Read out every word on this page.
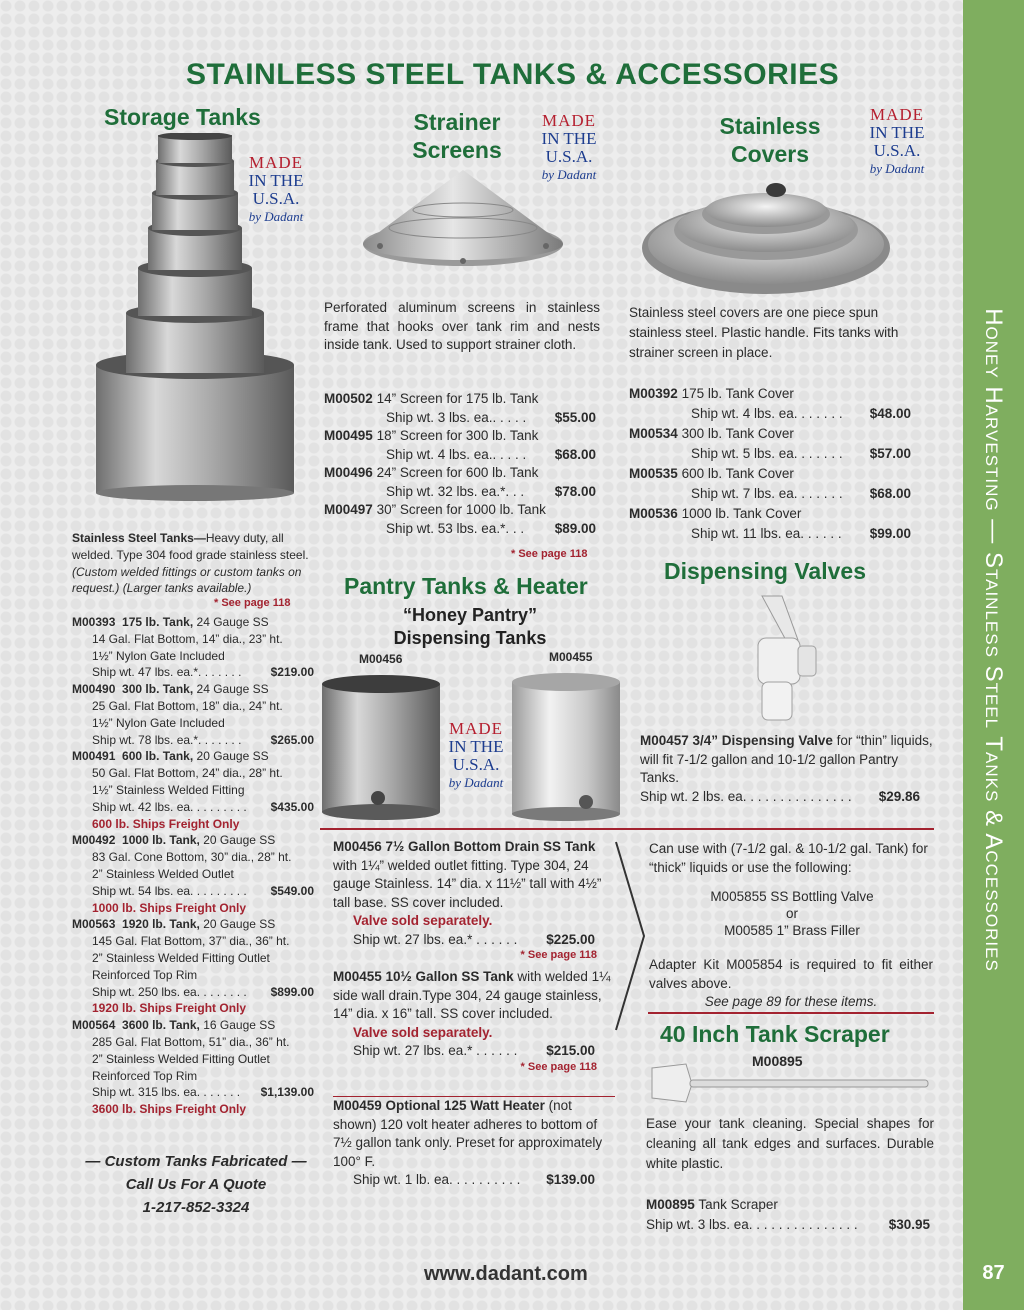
Honey Harvesting — Stainless Steel Tanks & Accessories
87
STAINLESS STEEL TANKS & ACCESSORIES
Storage Tanks
MADE
IN THE
U.S.A.
by Dadant
Stainless Steel Tanks—Heavy duty, all welded. Type 304 food grade stainless steel. (Custom welded fittings or custom tanks on request.) (Larger tanks available.)
* See page 118
M00393 175 lb. Tank, 24 Gauge SS
14 Gal. Flat Bottom, 14” dia., 23” ht.
1½” Nylon Gate Included
Ship wt. 47 lbs. ea.*. . . . . . . $219.00
M00490 300 lb. Tank, 24 Gauge SS
25 Gal. Flat Bottom, 18” dia., 24” ht.
1½” Nylon Gate Included
Ship wt. 78 lbs. ea.*. . . . . . . $265.00
M00491 600 lb. Tank, 20 Gauge SS
50 Gal. Flat Bottom, 24” dia., 28” ht.
1½” Stainless Welded Fitting
Ship wt. 42 lbs. ea. . . . . . . . . $435.00
600 lb. Ships Freight Only
M00492 1000 lb. Tank, 20 Gauge SS
83 Gal. Cone Bottom, 30” dia., 28” ht.
2” Stainless Welded Outlet
Ship wt. 54 lbs. ea. . . . . . . . . $549.00
1000 lb. Ships Freight Only
M00563 1920 lb. Tank, 20 Gauge SS
145 Gal. Flat Bottom, 37” dia., 36” ht.
2” Stainless Welded Fitting Outlet
Reinforced Top Rim
Ship wt. 250 lbs. ea. . . . . . . . $899.00
1920 lb. Ships Freight Only
M00564 3600 lb. Tank, 16 Gauge SS
285 Gal. Flat Bottom, 51” dia., 36” ht.
2” Stainless Welded Fitting Outlet
Reinforced Top Rim
Ship wt. 315 lbs. ea. . . . . . . $1,139.00
3600 lb. Ships Freight Only
— Custom Tanks Fabricated —
Call Us For A Quote
1-217-852-3324
Strainer
Screens
MADE
IN THE
U.S.A.
by Dadant
Perforated aluminum screens in stainless frame that hooks over tank rim and nests inside tank. Used to support strainer cloth.
M00502 14” Screen for 175 lb. Tank
Ship wt. 3 lbs. ea.. . . . . $55.00
M00495 18” Screen for 300 lb. Tank
Ship wt. 4 lbs. ea.. . . . . $68.00
M00496 24” Screen for 600 lb. Tank
Ship wt. 32 lbs. ea.*. . . $78.00
M00497 30” Screen for 1000 lb. Tank
Ship wt. 53 lbs. ea.*. . . $89.00
* See page 118
Stainless
Covers
MADE
IN THE
U.S.A.
by Dadant
Stainless steel covers are one piece spun stainless steel. Plastic handle. Fits tanks with strainer screen in place.
M00392 175 lb. Tank Cover
Ship wt. 4 lbs. ea. . . . . . . $48.00
M00534 300 lb. Tank Cover
Ship wt. 5 lbs. ea. . . . . . . $57.00
M00535 600 lb. Tank Cover
Ship wt. 7 lbs. ea. . . . . . . $68.00
M00536 1000 lb. Tank Cover
Ship wt. 11 lbs. ea. . . . . . $99.00
Pantry Tanks & Heater
“Honey Pantry”
Dispensing Tanks
M00456	M00455
MADE
IN THE
U.S.A.
by Dadant
M00456 7½ Gallon Bottom Drain SS Tank with 1¼” welded outlet fitting. Type 304, 24 gauge Stainless. 14” dia. x 11½” tall with 4½” tall base. SS cover included.
Valve sold separately.
Ship wt. 27 lbs. ea.* . . . . . . $225.00
* See page 118
M00455 10½ Gallon SS Tank with welded 1¼ side wall drain.Type 304, 24 gauge stainless, 14” dia. x 16” tall. SS cover included.
Valve sold separately.
Ship wt. 27 lbs. ea.* . . . . . . $215.00
* See page 118
M00459 Optional 125 Watt Heater (not shown) 120 volt heater adheres to bottom of 7½ gallon tank only. Preset for approximately 100° F.
Ship wt. 1 lb. ea. . . . . . . . . . $139.00
Dispensing Valves
M00457 3/4” Dispensing Valve for “thin” liquids, will fit 7-1/2 gallon and 10-1/2 gallon Pantry Tanks.
Ship wt. 2 lbs. ea. . . . . . . . . . . . . . . $29.86
Can use with (7-1/2 gal. & 10-1/2 gal. Tank) for “thick” liquids or use the following:
M005855 SS Bottling Valve
or
M00585 1” Brass Filler
Adapter Kit M005854 is required to fit either valves above.
See page 89 for these items.
40 Inch Tank Scraper
M00895
Ease your tank cleaning. Special shapes for cleaning all tank edges and surfaces. Durable white plastic.
M00895 Tank Scraper
Ship wt. 3 lbs. ea. . . . . . . . . . . . . . . $30.95
www.dadant.com
